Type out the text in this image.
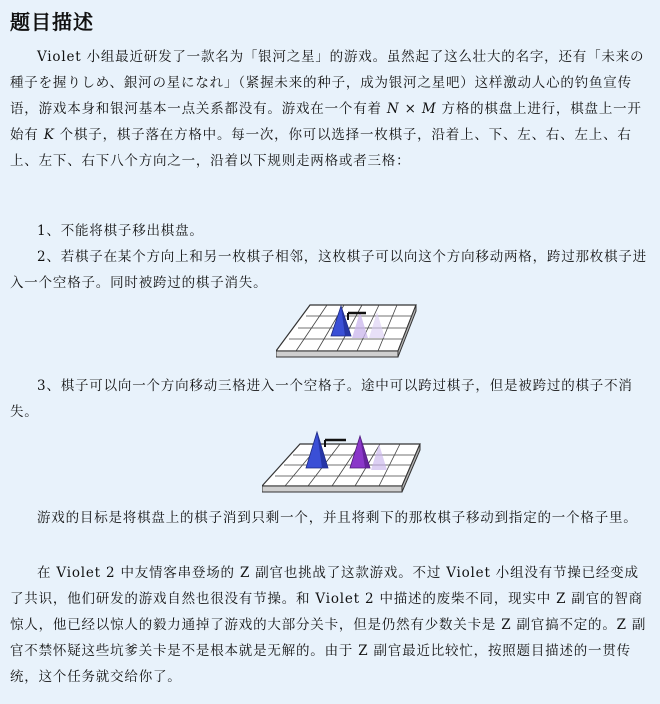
题目描述

Violet 小组最近研发了一款名为「银河之星」的游戏。虽然起了这么壮大的名字，还有「未来の種子を握りしめ、銀河の星になれ」（紧握未来的种子，成为银河之星吧）这样激动人心的钓鱼宣传语，游戏本身和银河基本一点关系都没有。游戏在一个有着 N × M 方格的棋盘上进行，棋盘上一开始有 K 个棋子，棋子落在方格中。每一次，你可以选择一枚棋子，沿着上、下、左、右、左上、右上、左下、右下八个方向之一，沿着以下规则走两格或者三格：

1、不能将棋子移出棋盘。

2、若棋子在某个方向上和另一枚棋子相邻，这枚棋子可以向这个方向移动两格，跨过那枚棋子进入一个空格子。同时被跨过的棋子消失。

3、棋子可以向一个方向移动三格进入一个空格子。途中可以跨过棋子，但是被跨过的棋子不消失。

游戏的目标是将棋盘上的棋子消到只剩一个，并且将剩下的那枚棋子移动到指定的一个格子里。

在 Violet 2 中友情客串登场的 Z 副官也挑战了这款游戏。不过 Violet 小组没有节操已经变成了共识，他们研发的游戏自然也很没有节操。和 Violet 2 中描述的废柴不同，现实中 Z 副官的智商惊人，他已经以惊人的毅力通掉了游戏的大部分关卡，但是仍然有少数关卡是 Z 副官搞不定的。Z 副官不禁怀疑这些坑爹关卡是不是根本就是无解的。由于 Z 副官最近比较忙，按照题目描述的一贯传统，这个任务就交给你了。
